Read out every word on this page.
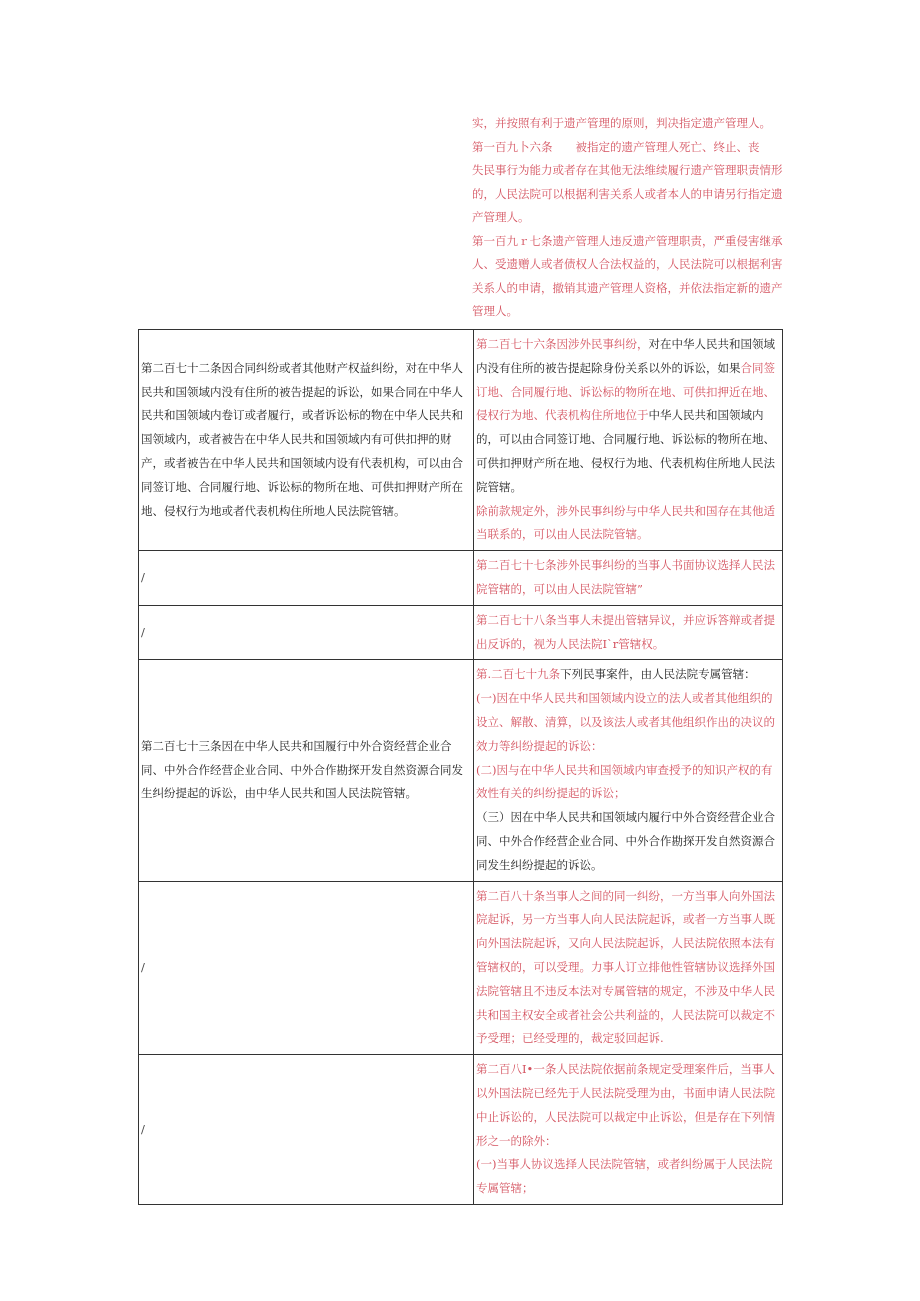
实，并按照有利于遗产管理的原则，判决指定遗产管理人。

第一百九卜六条　　被指定的遗产管理人死亡、终止、丧

失民事行为能力或者存在其他无法维续履行遗产管理职责情形的，人民法院可以根据利害关系人或者本人的申请另行指定遗产管理人。

第一百九ｒ七条遗产管理人违反遗产管理职责，严重侵害继承人、受遗赠人或者债权人合法权益的，人民法院可以根据利害关系人的申请，撤销其遗产管理人资格，并依法指定新的遗产管理人。

第二百七十二条因合同纠纷或者其他财产权益纠纷，对在中华人民共和国领域内没有住所的被告提起的诉讼，如果合同在中华人民共和国领域内卷订或者履行，或者诉讼标的物在中华人民共和国领域内，或者被告在中华人民共和国领域内有可供扣押的财产，或者被告在中华人民共和国领域内设有代表机构，可以由合同签订地、合同履行地、诉讼标的物所在地、可供扣押财产所在地、侵权行为地或者代表机构住所地人民法院管辖。	第二百七十六条因涉外民事纠纷，对在中华人民共和国领域内没有住所的被告提起除身份关系以外的诉讼，如果合同签订地、合同履行地、诉讼标的物所在地、可供扣押近在地、侵权行为地、代表机构住所地位于中华人民共和国领域内的，可以由合同签订地、合同履行地、诉讼标的物所在地、可供扣押财产所在地、侵权行为地、代表机构住所地人民法院管辖。

除前款规定外，涉外民事纠纷与中华人民共和国存在其他适当联系的，可以由人民法院管辖。

/	第二百七十七条涉外民事纠纷的当事人书面协议选择人民法院管辖的，可以由人民法院管辖”
/	第二百七十八条当事人未提出管辖异议，并应诉答辩或者提出反诉的，视为人民法院Iˋr管辖权。
第二百七十三条因在中华人民共和国履行中外合资经营企业合同、中外合作经营企业合同、中外合作勘探开发自然资源合同发生纠纷提起的诉讼，由中华人民共和国人民法院管辖。	第.二百七十九条下列民事案件，由人民法院专属管辖：

(一)因在中华人民共和国领域内设立的法人或者其他组织的设立、解散、清算，以及该法人或者其他组织作出的决议的效力等纠纷提起的诉讼：

(二)因与在中华人民共和国领域内审查授予的知识产权的有效性有关的纠纷提起的诉讼；

（三）因在中华人民共和国领域内履行中外合资经营企业合同、中外合作经营企业合同、中外合作勘探开发自然资源合同发生纠纷提起的诉讼。

/	第二百八十条当事人之间的同一纠纷，一方当事人向外国法院起诉，另一方当事人向人民法院起诉，或者一方当事人既向外国法院起诉，又向人民法院起诉，人民法院依照本法有管辖权的，可以受理。力事人订立排他性管辖协议选择外国法院管辖且不违反本法对专属管辖的规定，不涉及中华人民共和国主权安全或者社会公共利益的，人民法院可以裁定不予受理；已经受理的，裁定驳回起诉.
/	第二百八I•一条人民法院依据前条规定受理案件后，当事人以外国法院已经先于人民法院受理为由，书面申请人民法院中止诉讼的，人民法院可以裁定中止诉讼，但是存在下列情形之一的除外：

(一)当事人协议选择人民法院管辖，或者纠纷属于人民法院专属管辖；
